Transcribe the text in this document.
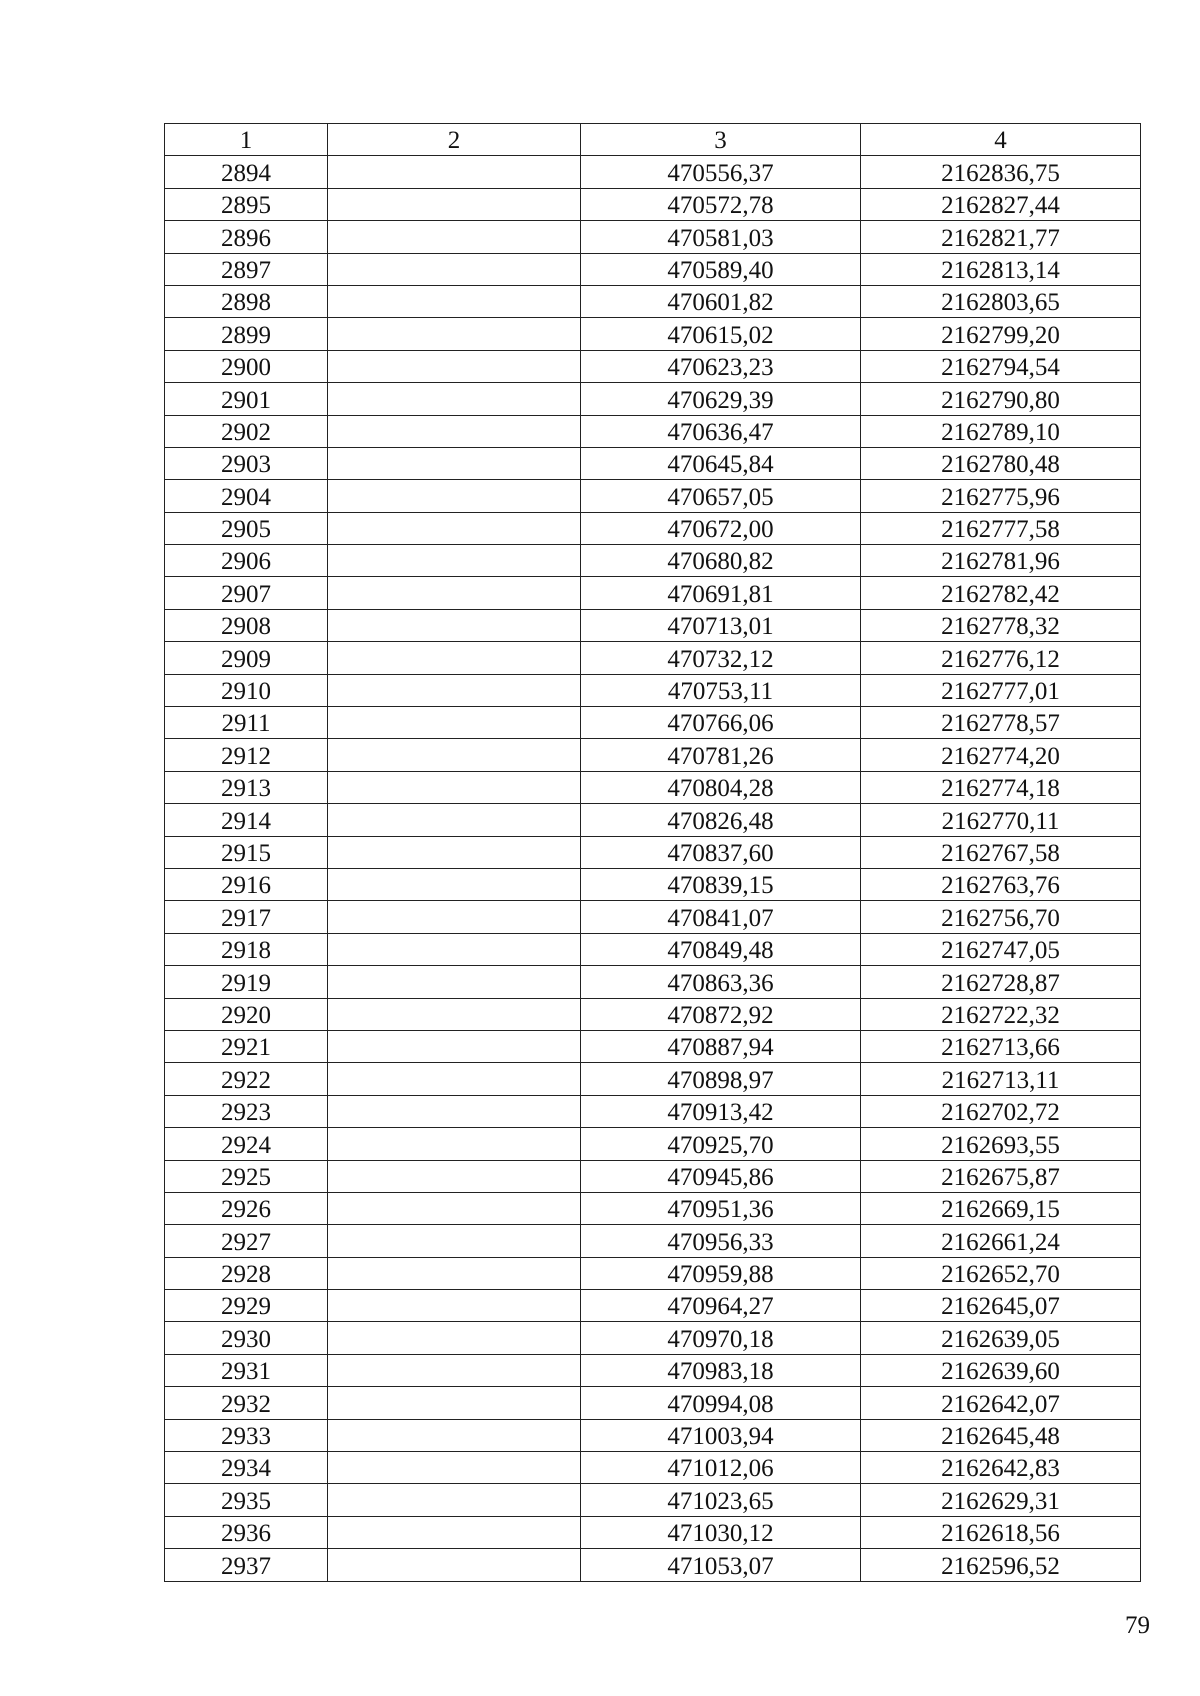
1	2	3	4
2894		470556,37	2162836,75
2895		470572,78	2162827,44
2896		470581,03	2162821,77
2897		470589,40	2162813,14
2898		470601,82	2162803,65
2899		470615,02	2162799,20
2900		470623,23	2162794,54
2901		470629,39	2162790,80
2902		470636,47	2162789,10
2903		470645,84	2162780,48
2904		470657,05	2162775,96
2905		470672,00	2162777,58
2906		470680,82	2162781,96
2907		470691,81	2162782,42
2908		470713,01	2162778,32
2909		470732,12	2162776,12
2910		470753,11	2162777,01
2911		470766,06	2162778,57
2912		470781,26	2162774,20
2913		470804,28	2162774,18
2914		470826,48	2162770,11
2915		470837,60	2162767,58
2916		470839,15	2162763,76
2917		470841,07	2162756,70
2918		470849,48	2162747,05
2919		470863,36	2162728,87
2920		470872,92	2162722,32
2921		470887,94	2162713,66
2922		470898,97	2162713,11
2923		470913,42	2162702,72
2924		470925,70	2162693,55
2925		470945,86	2162675,87
2926		470951,36	2162669,15
2927		470956,33	2162661,24
2928		470959,88	2162652,70
2929		470964,27	2162645,07
2930		470970,18	2162639,05
2931		470983,18	2162639,60
2932		470994,08	2162642,07
2933		471003,94	2162645,48
2934		471012,06	2162642,83
2935		471023,65	2162629,31
2936		471030,12	2162618,56
2937		471053,07	2162596,52
79
